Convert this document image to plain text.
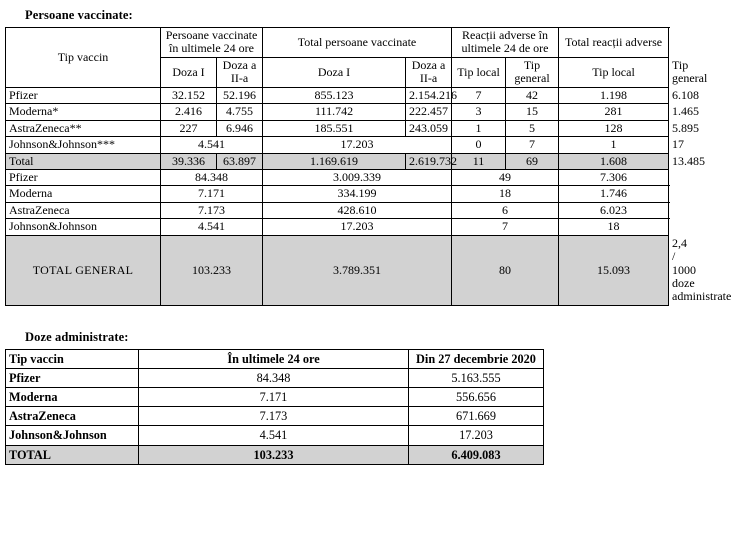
Persoane vaccinate:
Tip vaccin	Persoane vaccinate în ultimele 24 ore		Total persoane vaccinate		Reacții adverse în ultimele 24 de ore		Total reacții adverse	
	Doza I	Doza a II-a	Doza I	Doza a II-a	Tip local	Tip general	Tip local	Tip general
Pfizer	32.152	52.196	855.123	2.154.216	7	42	1.198	6.108
Moderna*	2.416	4.755	111.742	222.457	3	15	281	1.465
AstraZeneca**	227	6.946	185.551	243.059	1	5	128	5.895
Johnson&Johnson***	4.541		17.203		0	7	1	17
Total	39.336	63.897	1.169.619	2.619.732	11	69	1.608	13.485
Pfizer	84.348		3.009.339		49		7.306	
Moderna	7.171		334.199		18		1.746	
AstraZeneca	7.173		428.610		6		6.023	
Johnson&Johnson	4.541		17.203		7		18	
TOTAL GENERAL	103.233		3.789.351		80		15.093	2,4 / 1000 doze administrate
Doze administrate:
Tip vaccin	În ultimele 24 ore	Din 27 decembrie 2020
Pfizer	84.348	5.163.555
Moderna	7.171	556.656
AstraZeneca	7.173	671.669
Johnson&Johnson	4.541	17.203
TOTAL	103.233	6.409.083
